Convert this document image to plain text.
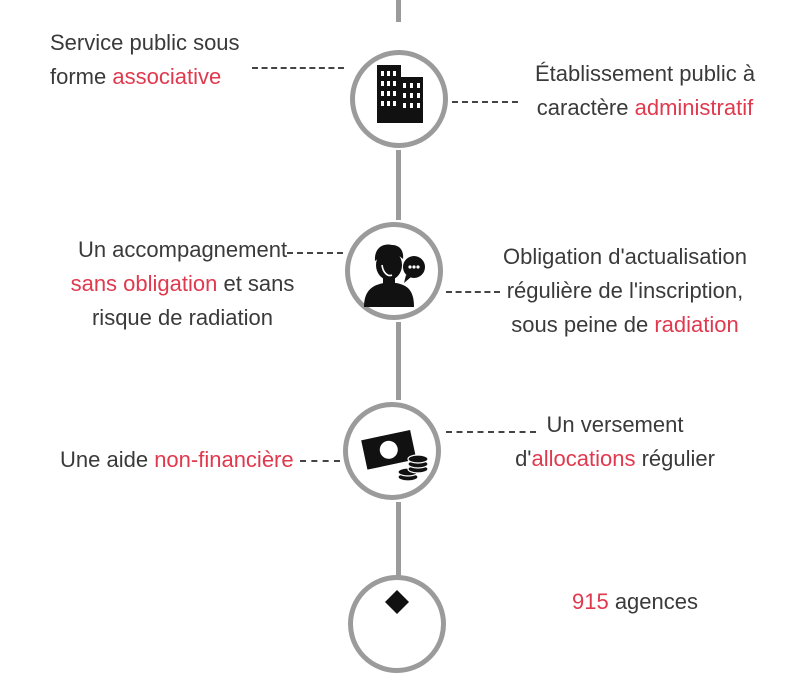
Service public sous
forme associative	Établissement public à
caractère administratif
Un accompagnement
sans obligation et sans
risque de radiation
Obligation d'actualisation
régulière de l'inscription,
sous peine de radiation
Une aide non-financière
Un versement
d'allocations régulier
915 agences
